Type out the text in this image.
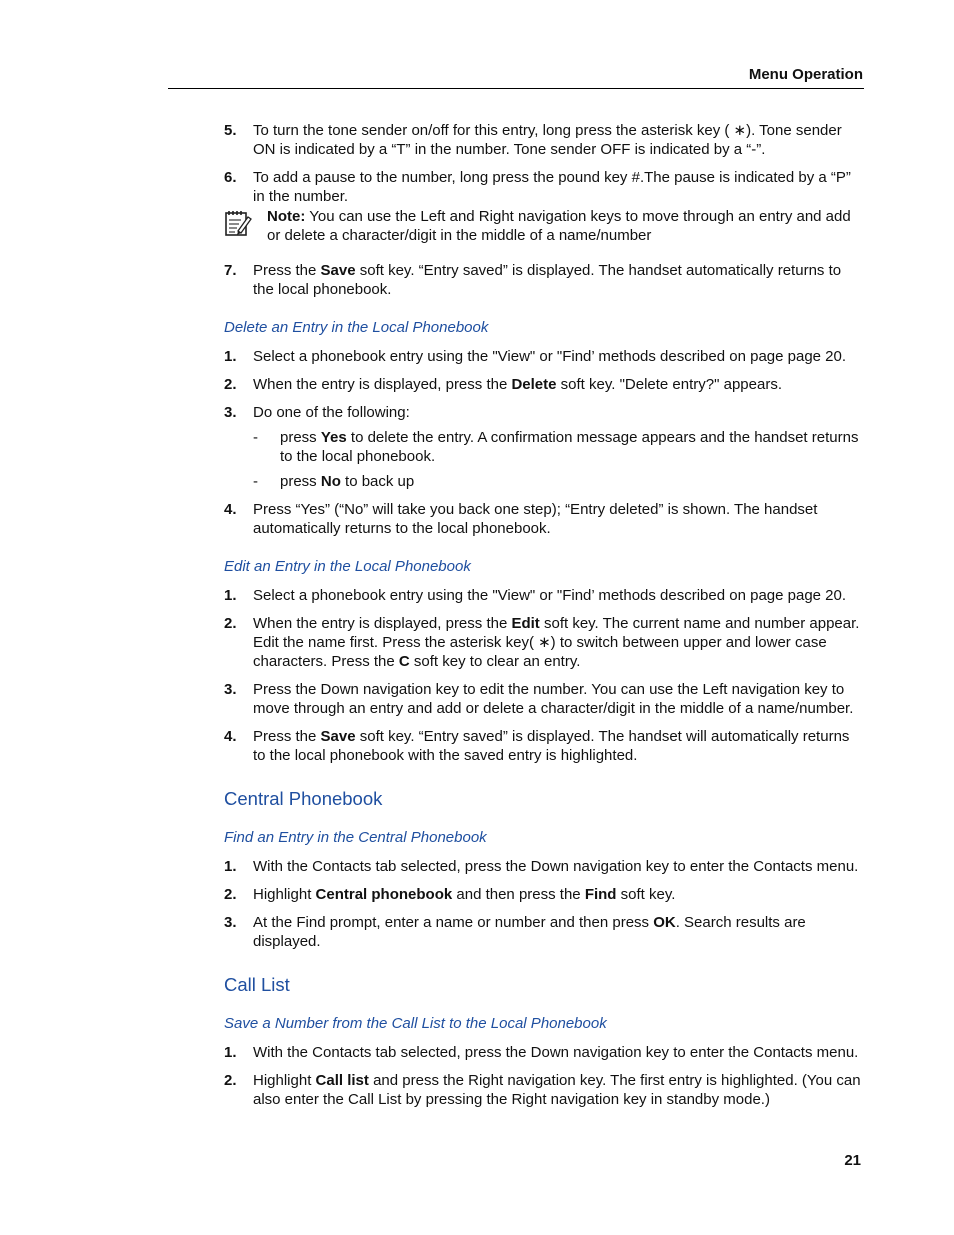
Menu Operation
5.	To turn the tone sender on/off for this entry, long press the asterisk key ( ∗). Tone sender ON is indicated by a “T” in the number. Tone sender OFF is indicated by a “-”.
6.	To add a pause to the number, long press the pound key #.The pause is indicated by a “P” in the number.
Note: You can use the Left and Right navigation keys to move through an entry and add or delete a character/digit in the middle of a name/number
7.	Press the Save soft key. “Entry saved” is displayed. The handset automatically returns to the local phonebook.
Delete an Entry in the Local Phonebook
1.	Select a phonebook entry using the "View" or "Find’ methods described on page page 20.
2.	When the entry is displayed, press the Delete soft key. "Delete entry?" appears.
3.	Do one of the following:
-	press Yes to delete the entry. A confirmation message appears and the handset returns to the local phonebook.
-	press No to back up
4.	Press “Yes” (“No” will take you back one step); “Entry deleted” is shown. The handset automatically returns to the local phonebook.
Edit an Entry in the Local Phonebook
1.	Select a phonebook entry using the "View" or "Find’ methods described on page page 20.
2.	When the entry is displayed, press the Edit soft key. The current name and number appear. Edit the name first. Press the asterisk key( ∗) to switch between upper and lower case characters. Press the C soft key to clear an entry.
3.	Press the Down navigation key to edit the number. You can use the Left navigation key to move through an entry and add or delete a character/digit in the middle of a name/number.
4.	Press the Save soft key. “Entry saved” is displayed. The handset will automatically returns to the local phonebook with the saved entry is highlighted.
Central Phonebook
Find an Entry in the Central Phonebook
1.	With the Contacts tab selected, press the Down navigation key to enter the Contacts menu.
2.	Highlight Central phonebook and then press the Find soft key.
3.	At the Find prompt, enter a name or number and then press OK. Search results are displayed.
Call List
Save a Number from the Call List to the Local Phonebook
1.	With the Contacts tab selected, press the Down navigation key to enter the Contacts menu.
2.	Highlight Call list and press the Right navigation key. The first entry is highlighted. (You can also enter the Call List by pressing the Right navigation key in standby mode.)
21
